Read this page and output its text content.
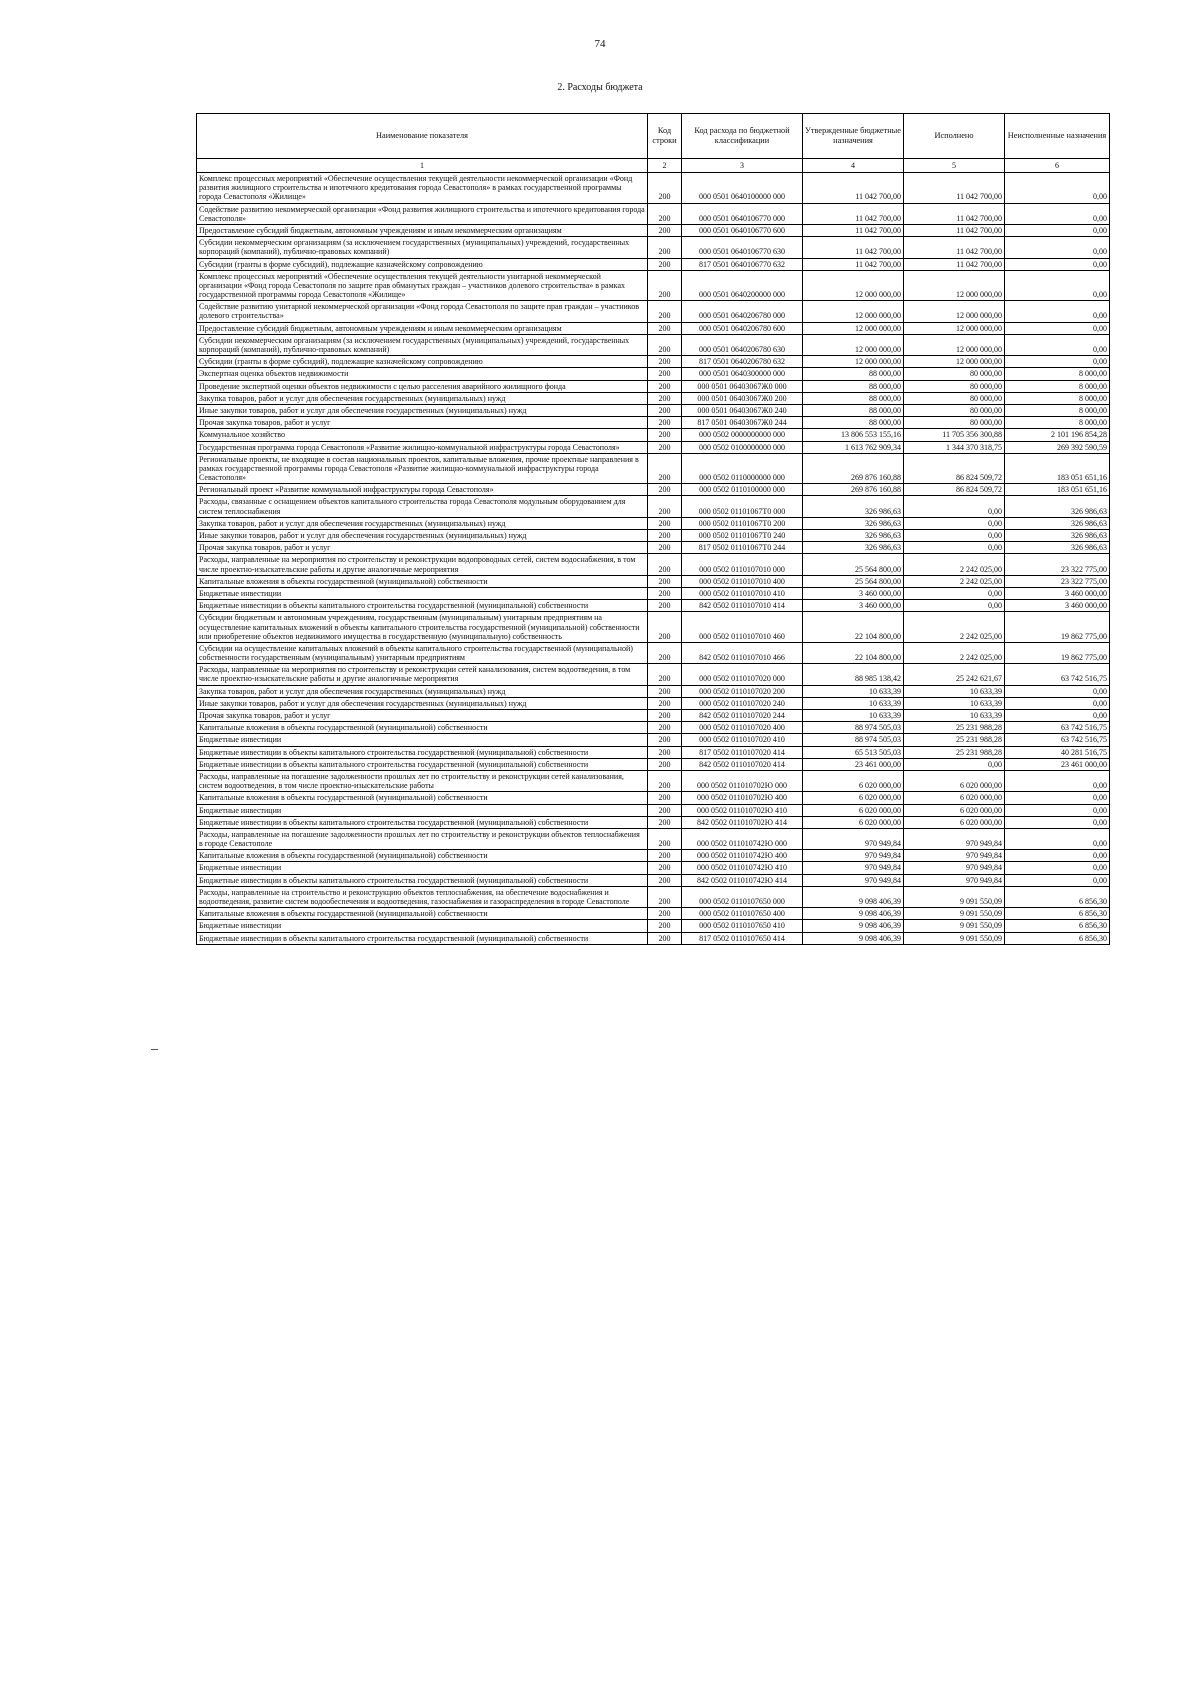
74
2. Расходы бюджета
Наименование показателя	Код строки	Код расхода по бюджетной классификации	Утвержденные бюджетные назначения	Исполнено	Неисполненные назначения
1	2	3	4	5	6
Комплекс процессных мероприятий «Обеспечение осуществления текущей деятельности некоммерческой организации «Фонд развития жилищного строительства и ипотечного кредитования города Севастополя» в рамках государственной программы города Севастополя «Жилище»	200	000 0501 0640100000 000	11 042 700,00	11 042 700,00	0,00
Содействие развитию некоммерческой организации «Фонд развития жилищного строительства и ипотечного кредитования города Севастополя»	200	000 0501 0640106770 000	11 042 700,00	11 042 700,00	0,00
Предоставление субсидий бюджетным, автономным учреждениям и иным некоммерческим организациям	200	000 0501 0640106770 600	11 042 700,00	11 042 700,00	0,00
Субсидии некоммерческим организациям (за исключением государственных (муниципальных) учреждений, государственных корпораций (компаний), публично-правовых компаний)	200	000 0501 0640106770 630	11 042 700,00	11 042 700,00	0,00
Субсидии (гранты в форме субсидий), подлежащие казначейскому сопровождению	200	817 0501 0640106770 632	11 042 700,00	11 042 700,00	0,00
Комплекс процессных мероприятий «Обеспечение осуществления текущей деятельности унитарной некоммерческой организации «Фонд города Севастополя по защите прав обманутых граждан – участников долевого строительства» в рамках государственной программы города Севастополя «Жилище»	200	000 0501 0640200000 000	12 000 000,00	12 000 000,00	0,00
Содействие развитию унитарной некоммерческой организации «Фонд города Севастополя по защите прав граждан – участников долевого строительства»	200	000 0501 0640206780 000	12 000 000,00	12 000 000,00	0,00
Предоставление субсидий бюджетным, автономным учреждениям и иным некоммерческим организациям	200	000 0501 0640206780 600	12 000 000,00	12 000 000,00	0,00
Субсидии некоммерческим организациям (за исключением государственных (муниципальных) учреждений, государственных корпораций (компаний), публично-правовых компаний)	200	000 0501 0640206780 630	12 000 000,00	12 000 000,00	0,00
Субсидии (гранты в форме субсидий), подлежащие казначейскому сопровождению	200	817 0501 0640206780 632	12 000 000,00	12 000 000,00	0,00
Экспертная оценка объектов недвижимости	200	000 0501 0640300000 000	88 000,00	80 000,00	8 000,00
Проведение экспертной оценки объектов недвижимости с целью расселения аварийного жилищного фонда	200	000 0501 06403067Ж0 000	88 000,00	80 000,00	8 000,00
Закупка товаров, работ и услуг для обеспечения государственных (муниципальных) нужд	200	000 0501 06403067Ж0 200	88 000,00	80 000,00	8 000,00
Иные закупки товаров, работ и услуг для обеспечения государственных (муниципальных) нужд	200	000 0501 06403067Ж0 240	88 000,00	80 000,00	8 000,00
Прочая закупка товаров, работ и услуг	200	817 0501 06403067Ж0 244	88 000,00	80 000,00	8 000,00
Коммунальное хозяйство	200	000 0502 0000000000 000	13 806 553 155,16	11 705 356 300,88	2 101 196 854,28
Государственная программа города Севастополя «Развитие жилищно-коммунальной инфраструктуры города Севастополя»	200	000 0502 0100000000 000	1 613 762 909,34	1 344 370 318,75	269 392 590,59
Региональные проекты, не входящие в состав национальных проектов, капитальные вложения, прочие проектные направления в рамках государственной программы города Севастополя «Развитие жилищно-коммунальной инфраструктуры города Севастополя»	200	000 0502 0110000000 000	269 876 160,88	86 824 509,72	183 051 651,16
Региональный проект «Развитие коммунальной инфраструктуры города Севастополя»	200	000 0502 0110100000 000	269 876 160,88	86 824 509,72	183 051 651,16
Расходы, связанные с оснащением объектов капитального строительства города Севастополя модульным оборудованием для систем теплоснабжения	200	000 0502 01101067Т0 000	326 986,63	0,00	326 986,63
Закупка товаров, работ и услуг для обеспечения государственных (муниципальных) нужд	200	000 0502 01101067Т0 200	326 986,63	0,00	326 986,63
Иные закупки товаров, работ и услуг для обеспечения государственных (муниципальных) нужд	200	000 0502 01101067Т0 240	326 986,63	0,00	326 986,63
Прочая закупка товаров, работ и услуг	200	817 0502 01101067Т0 244	326 986,63	0,00	326 986,63
Расходы, направленные на мероприятия по строительству и реконструкции водопроводных сетей, систем водоснабжения, в том числе проектно-изыскательские работы и другие аналогичные мероприятия	200	000 0502 0110107010 000	25 564 800,00	2 242 025,00	23 322 775,00
Капитальные вложения в объекты государственной (муниципальной) собственности	200	000 0502 0110107010 400	25 564 800,00	2 242 025,00	23 322 775,00
Бюджетные инвестиции	200	000 0502 0110107010 410	3 460 000,00	0,00	3 460 000,00
Бюджетные инвестиции в объекты капитального строительства государственной (муниципальной) собственности	200	842 0502 0110107010 414	3 460 000,00	0,00	3 460 000,00
Субсидии бюджетным и автономным учреждениям, государственным (муниципальным) унитарным предприятиям на осуществление капитальных вложений в объекты капитального строительства государственной (муниципальной) собственности или приобретение объектов недвижимого имущества в государственную (муниципальную) собственность	200	000 0502 0110107010 460	22 104 800,00	2 242 025,00	19 862 775,00
Субсидии на осуществление капитальных вложений в объекты капитального строительства государственной (муниципальной) собственности государственным (муниципальным) унитарным предприятиям	200	842 0502 0110107010 466	22 104 800,00	2 242 025,00	19 862 775,00
Расходы, направленные на мероприятия по строительству и реконструкции сетей канализования, систем водоотведения, в том числе проектно-изыскательские работы и другие аналогичные мероприятия	200	000 0502 0110107020 000	88 985 138,42	25 242 621,67	63 742 516,75
Закупка товаров, работ и услуг для обеспечения государственных (муниципальных) нужд	200	000 0502 0110107020 200	10 633,39	10 633,39	0,00
Иные закупки товаров, работ и услуг для обеспечения государственных (муниципальных) нужд	200	000 0502 0110107020 240	10 633,39	10 633,39	0,00
Прочая закупка товаров, работ и услуг	200	842 0502 0110107020 244	10 633,39	10 633,39	0,00
Капитальные вложения в объекты государственной (муниципальной) собственности	200	000 0502 0110107020 400	88 974 505,03	25 231 988,28	63 742 516,75
Бюджетные инвестиции	200	000 0502 0110107020 410	88 974 505,03	25 231 988,28	63 742 516,75
Бюджетные инвестиции в объекты капитального строительства государственной (муниципальной) собственности	200	817 0502 0110107020 414	65 513 505,03	25 231 988,28	40 281 516,75
Бюджетные инвестиции в объекты капитального строительства государственной (муниципальной) собственности	200	842 0502 0110107020 414	23 461 000,00	0,00	23 461 000,00
Расходы, направленные на погашение задолженности прошлых лет по строительству и реконструкции сетей канализования, систем водоотведения, в том числе проектно-изыскательские работы	200	000 0502 011010702Ю 000	6 020 000,00	6 020 000,00	0,00
Капитальные вложения в объекты государственной (муниципальной) собственности	200	000 0502 011010702Ю 400	6 020 000,00	6 020 000,00	0,00
Бюджетные инвестиции	200	000 0502 011010702Ю 410	6 020 000,00	6 020 000,00	0,00
Бюджетные инвестиции в объекты капитального строительства государственной (муниципальной) собственности	200	842 0502 011010702Ю 414	6 020 000,00	6 020 000,00	0,00
Расходы, направленные на погашение задолженности прошлых лет по строительству и реконструкции объектов теплоснабжения в городе Севастополе	200	000 0502 011010742Ю 000	970 949,84	970 949,84	0,00
Капитальные вложения в объекты государственной (муниципальной) собственности	200	000 0502 011010742Ю 400	970 949,84	970 949,84	0,00
Бюджетные инвестиции	200	000 0502 011010742Ю 410	970 949,84	970 949,84	0,00
Бюджетные инвестиции в объекты капитального строительства государственной (муниципальной) собственности	200	842 0502 011010742Ю 414	970 949,84	970 949,84	0,00
Расходы, направленные на строительство и реконструкцию объектов теплоснабжения, на обеспечение водоснабжения и водоотведения, развитие систем водообеспечения и водоотведения, газоснабжения и газораспределения в городе Севастополе	200	000 0502 0110107650 000	9 098 406,39	9 091 550,09	6 856,30
Капитальные вложения в объекты государственной (муниципальной) собственности	200	000 0502 0110107650 400	9 098 406,39	9 091 550,09	6 856,30
Бюджетные инвестиции	200	000 0502 0110107650 410	9 098 406,39	9 091 550,09	6 856,30
Бюджетные инвестиции в объекты капитального строительства государственной (муниципальной) собственности	200	817 0502 0110107650 414	9 098 406,39	9 091 550,09	6 856,30
